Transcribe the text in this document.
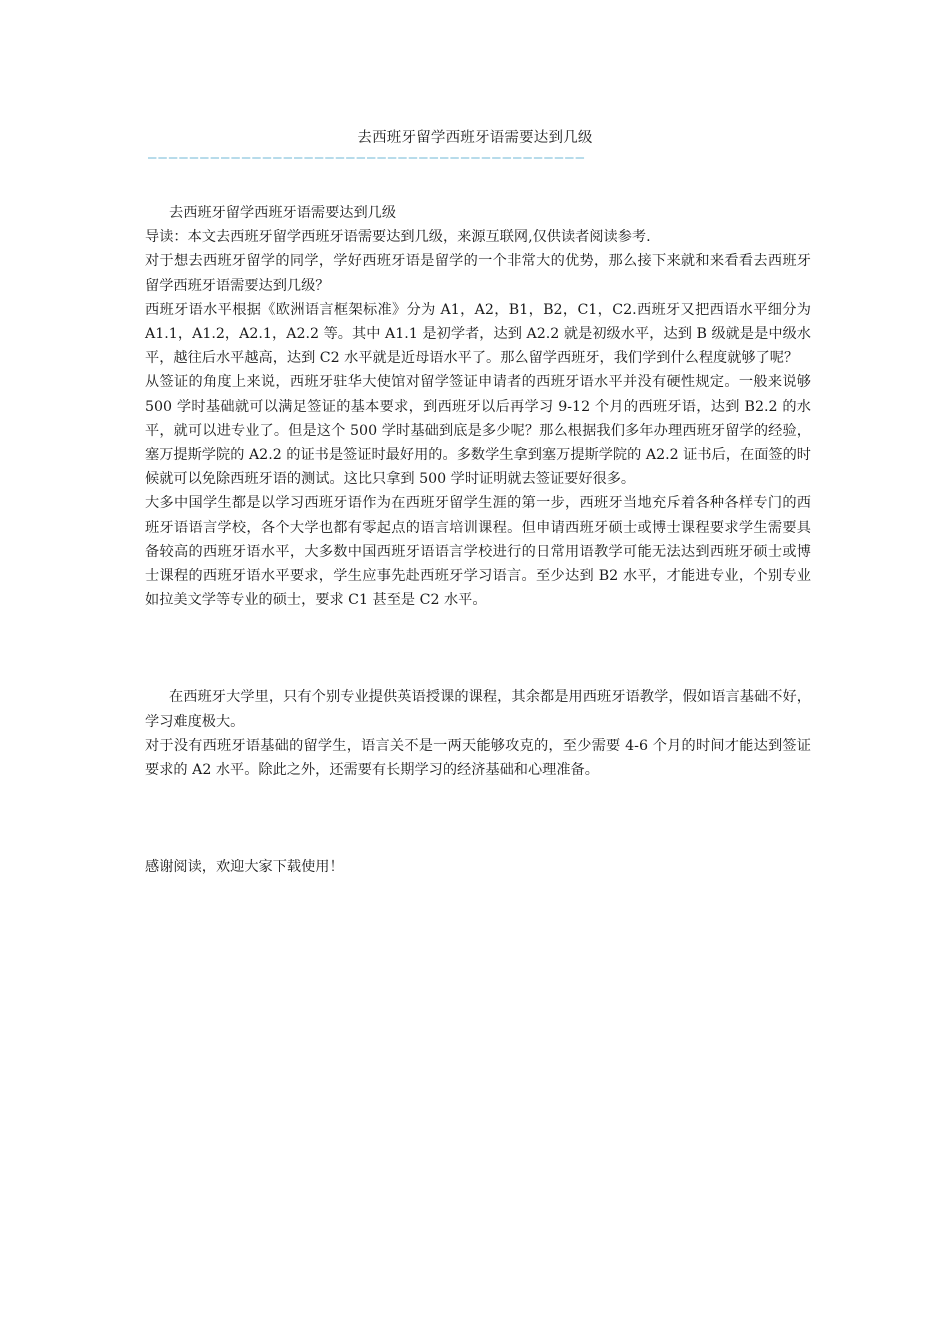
去西班牙留学西班牙语需要达到几级
——————————————————————————————————————————

去西班牙留学西班牙语需要达到几级

导读：本文去西班牙留学西班牙语需要达到几级，来源互联网,仅供读者阅读参考.

对于想去西班牙留学的同学，学好西班牙语是留学的一个非常大的优势，那么接下来就和来看看去西班牙留学西班牙语需要达到几级？

西班牙语水平根据《欧洲语言框架标准》分为 A1，A2，B1，B2，C1，C2.西班牙又把西语水平细分为 A1.1，A1.2，A2.1，A2.2 等。其中 A1.1 是初学者，达到 A2.2 就是初级水平，达到 B 级就是是中级水平，越往后水平越高，达到 C2 水平就是近母语水平了。那么留学西班牙，我们学到什么程度就够了呢？

从签证的角度上来说，西班牙驻华大使馆对留学签证申请者的西班牙语水平并没有硬性规定。一般来说够 500 学时基础就可以满足签证的基本要求，到西班牙以后再学习 9-12 个月的西班牙语，达到 B2.2 的水平，就可以进专业了。但是这个 500 学时基础到底是多少呢？那么根据我们多年办理西班牙留学的经验，塞万提斯学院的 A2.2 的证书是签证时最好用的。多数学生拿到塞万提斯学院的 A2.2 证书后，在面签的时候就可以免除西班牙语的测试。这比只拿到 500 学时证明就去签证要好很多。

大多中国学生都是以学习西班牙语作为在西班牙留学生涯的第一步，西班牙当地充斥着各种各样专门的西班牙语语言学校，各个大学也都有零起点的语言培训课程。但申请西班牙硕士或博士课程要求学生需要具备较高的西班牙语水平，大多数中国西班牙语语言学校进行的日常用语教学可能无法达到西班牙硕士或博士课程的西班牙语水平要求，学生应事先赴西班牙学习语言。至少达到 B2 水平，才能进专业，个别专业如拉美文学等专业的硕士，要求 C1 甚至是 C2 水平。

在西班牙大学里，只有个别专业提供英语授课的课程，其余都是用西班牙语教学，假如语言基础不好，学习难度极大。

对于没有西班牙语基础的留学生，语言关不是一两天能够攻克的，至少需要 4-6 个月的时间才能达到签证要求的 A2 水平。除此之外，还需要有长期学习的经济基础和心理准备。

感谢阅读，欢迎大家下载使用！
